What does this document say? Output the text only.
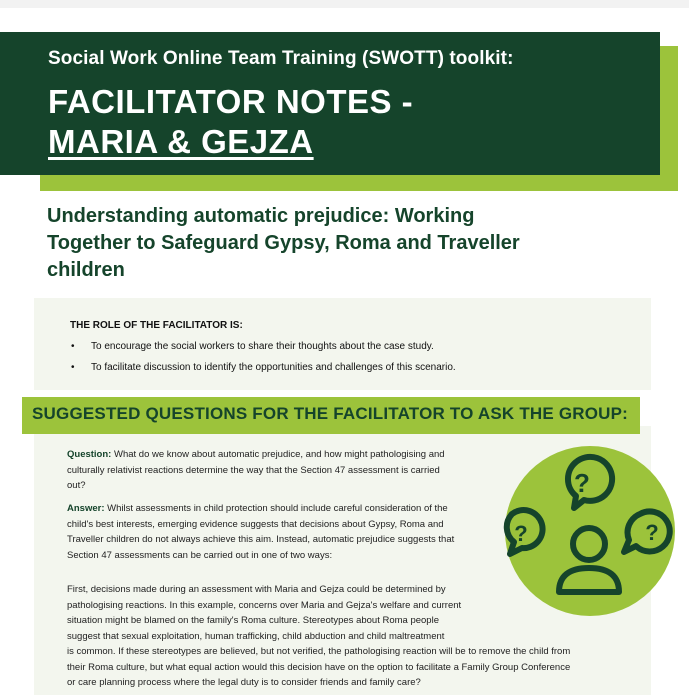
Social Work Online Team Training (SWOTT) toolkit:
FACILITATOR NOTES -
MARIA & GEJZA
Understanding automatic prejudice: Working
Together to Safeguard Gypsy, Roma and Traveller
children
THE ROLE OF THE FACILITATOR IS:
• To encourage the social workers to share their thoughts about the case study.
• To facilitate discussion to identify the opportunities and challenges of this scenario.
SUGGESTED QUESTIONS FOR THE FACILITATOR TO ASK THE GROUP:
Question: What do we know about automatic prejudice, and how might pathologising and
culturally relativist reactions determine the way that the Section 47 assessment is carried
out?
Answer: Whilst assessments in child protection should include careful consideration of the
child's best interests, emerging evidence suggests that decisions about Gypsy, Roma and
Traveller children do not always achieve this aim. Instead, automatic prejudice suggests that
Section 47 assessments can be carried out in one of two ways:
First, decisions made during an assessment with Maria and Gejza could be determined by
pathologising reactions. In this example, concerns over Maria and Gejza's welfare and current
situation might be blamed on the family's Roma culture. Stereotypes about Roma people
suggest that sexual exploitation, human trafficking, child abduction and child maltreatment
is common. If these stereotypes are believed, but not verified, the pathologising reaction will be to remove the child from
their Roma culture, but what equal action would this decision have on the option to facilitate a Family Group Conference
or care planning process where the legal duty is to consider friends and family care?
?
?	?
